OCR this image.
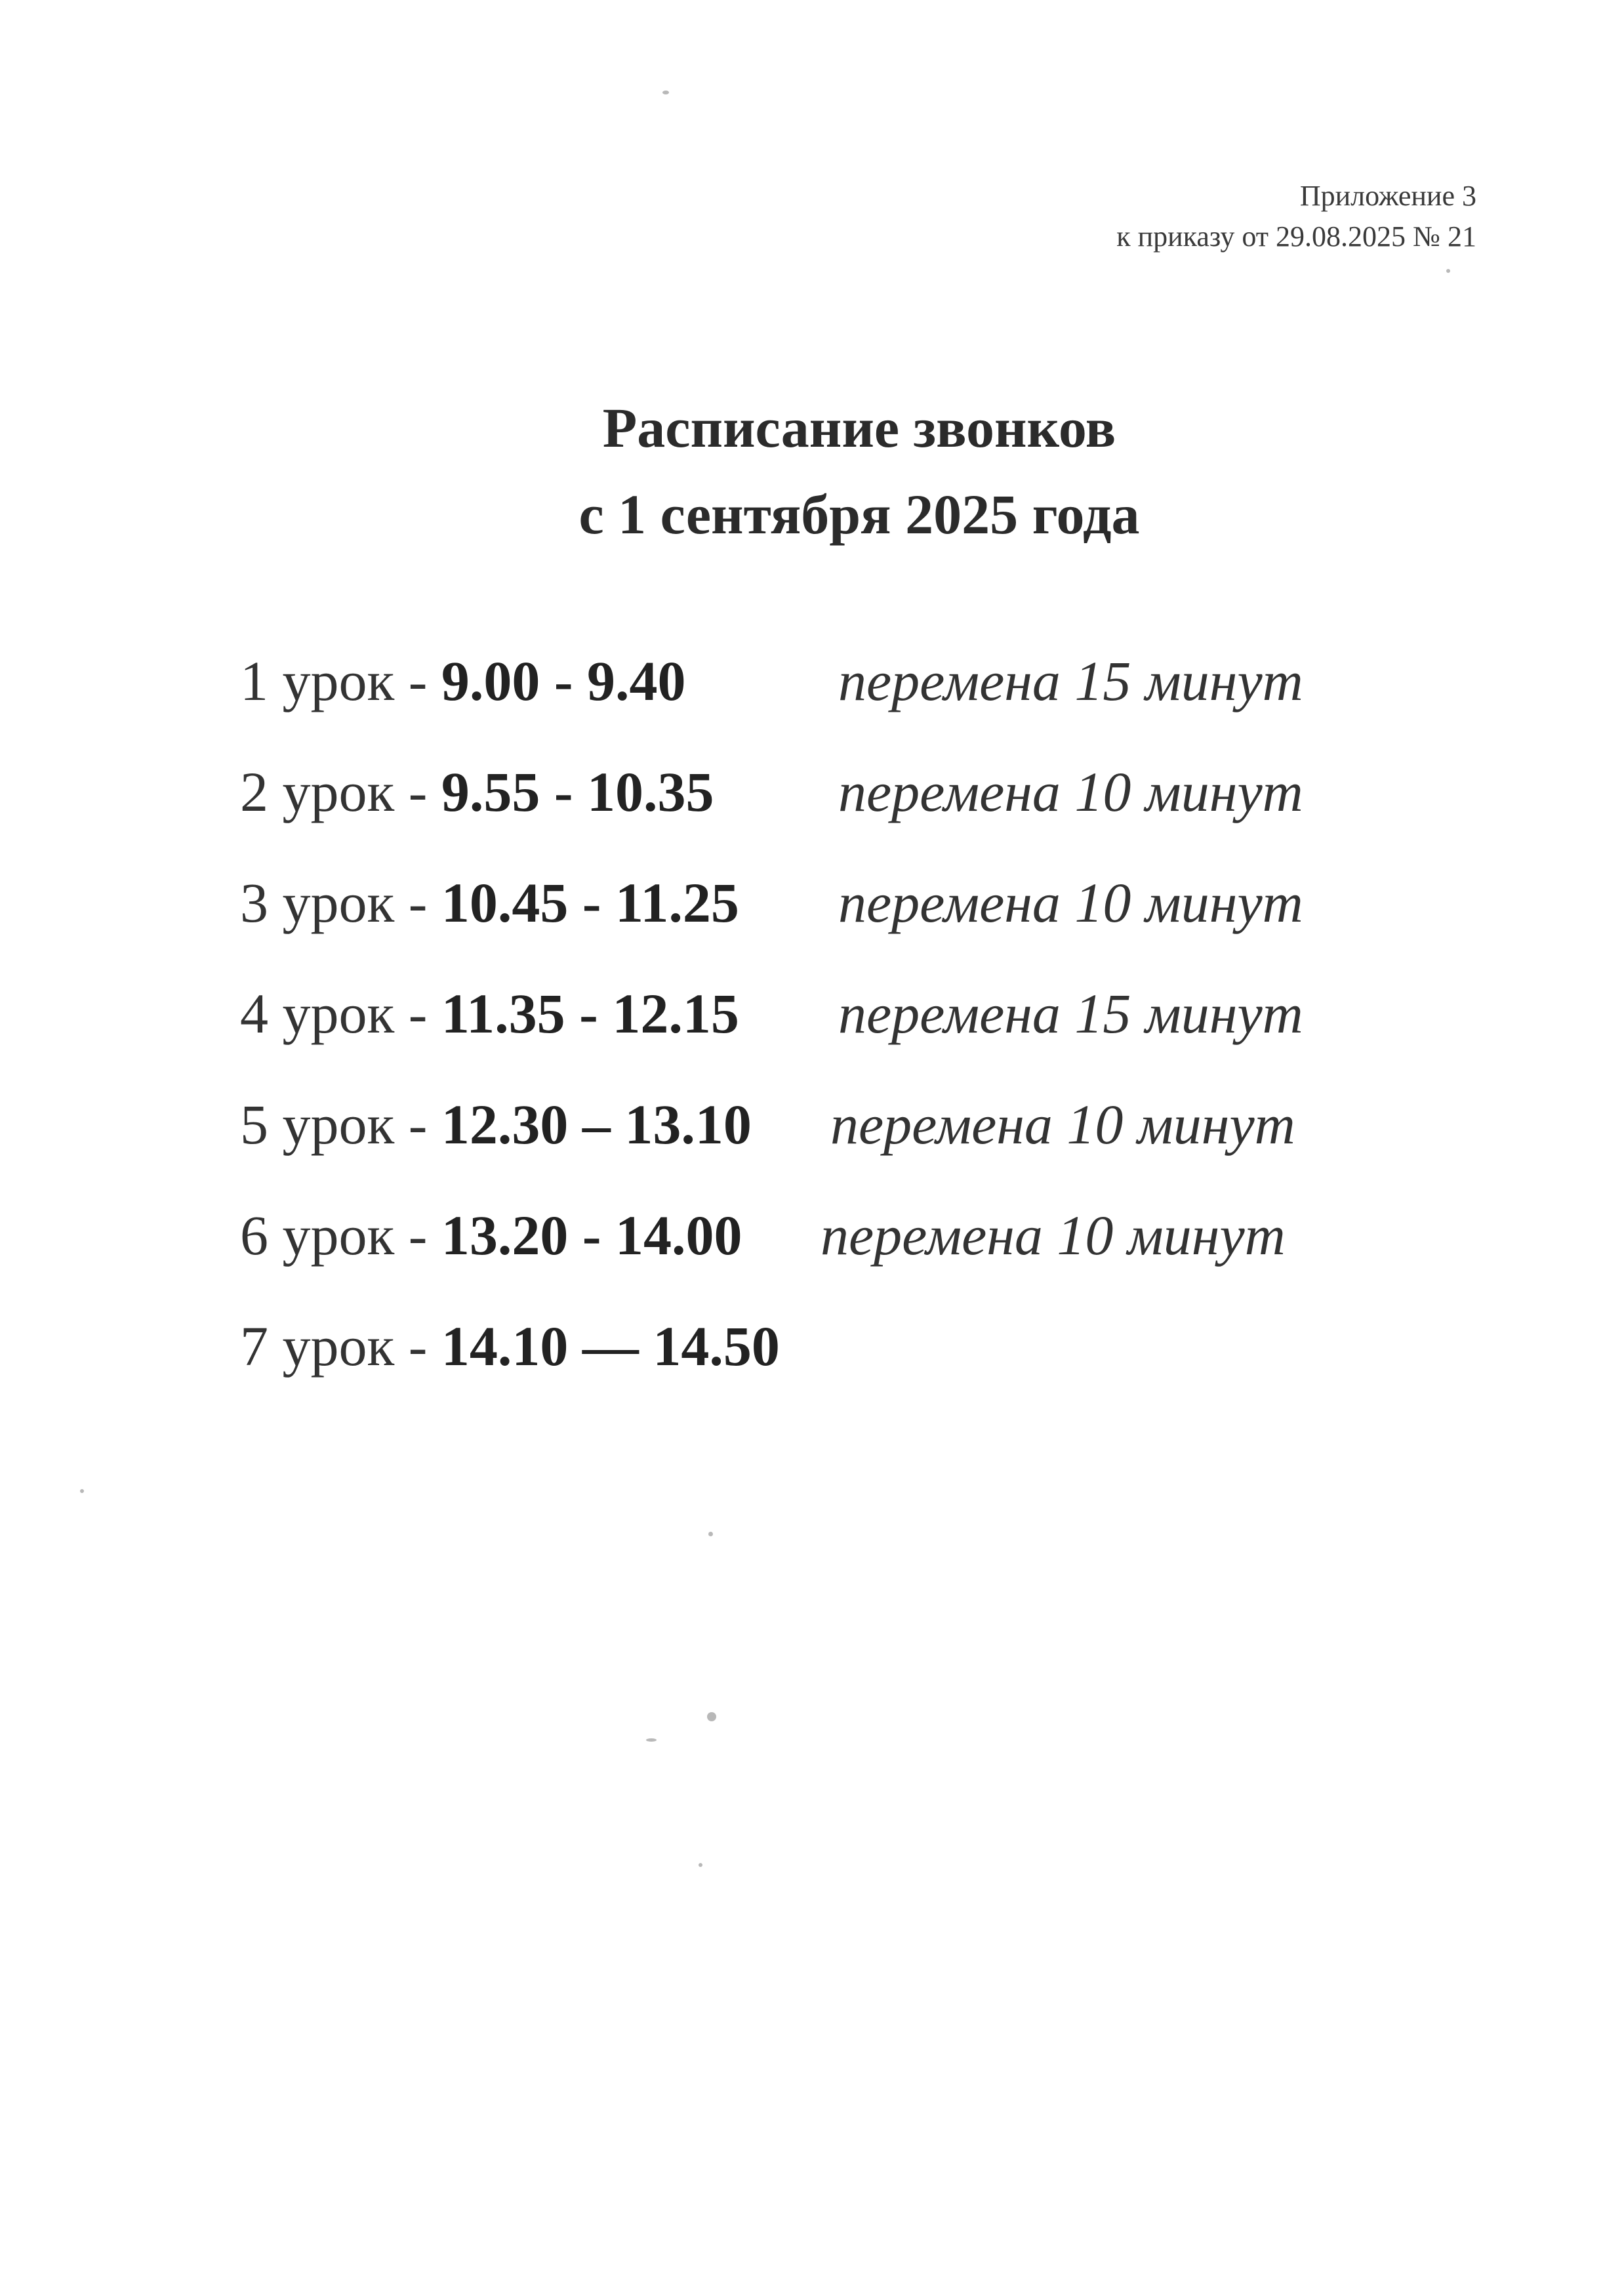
Приложение 3
к приказу от 29.08.2025 № 21
Расписание звонков
с 1 сентября 2025 года
1 урок - 9.00 - 9.40	перемена 15 минут
2 урок - 9.55 - 10.35 перемена 10 минут
3 урок - 10.45 - 11.25 перемена 10 минут
4 урок - 11.35 - 12.15 перемена 15 минут
5 урок - 12.30 – 13.10 перемена 10 минут
6 урок - 13.20 - 14.00 перемена 10 минут
7 урок - 14.10 — 14.50
